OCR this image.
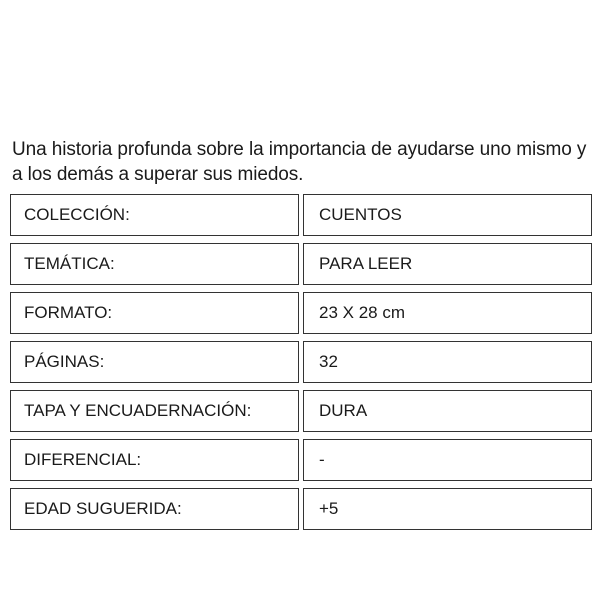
Una historia profunda sobre la importancia de ayudarse uno mismo y a los demás a superar sus miedos.

COLECCIÓN:	CUENTOS
TEMÁTICA:	PARA LEER
FORMATO:	23 X 28 cm
PÁGINAS:	32
TAPA Y ENCUADERNACIÓN:	DURA
DIFERENCIAL:	-
EDAD SUGUERIDA:	+5
